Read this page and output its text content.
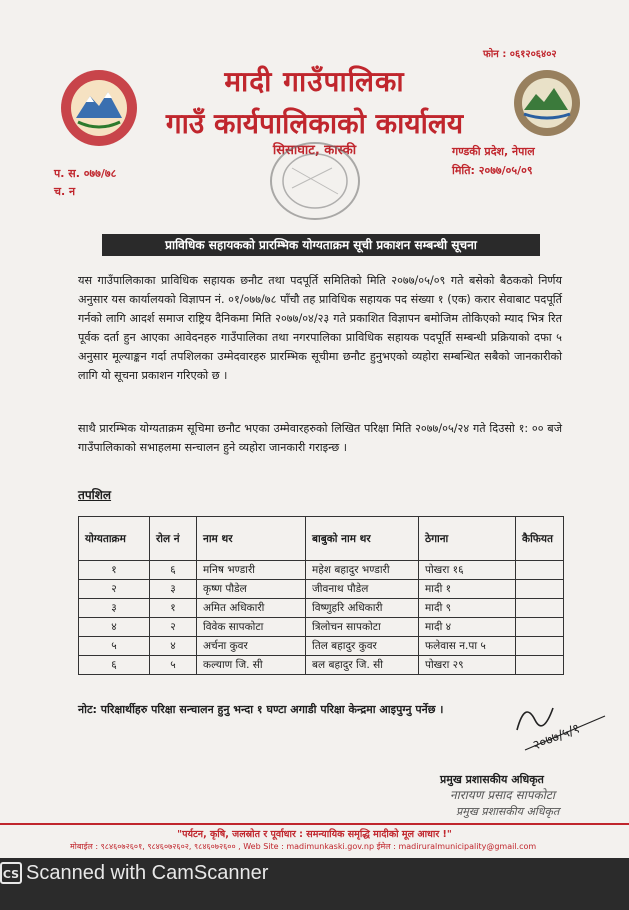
फोन : ०६१२०६४०२
मादी गाउँपालिका
गाउँ कार्यपालिकाको कार्यालय
सिसाघाट, कास्की	गण्डकी प्रदेश, नेपाल
मिति: २०७७/०५/०९
प. स. ०७७/७८
च. न
प्राविधिक सहायकको प्रारम्भिक योग्यताक्रम सूची प्रकाशन सम्बन्धी सूचना
यस गाउँपालिकाका प्राविधिक सहायक छनौट तथा पदपूर्ति समितिको मिति २०७७/०५/०९ गते बसेको बैठकको निर्णय अनुसार यस कार्यालयको विज्ञापन नं. ०१/०७७/७८ पाँचौ तह प्राविधिक सहायक पद संख्या १ (एक) करार सेवाबाट पदपूर्ति गर्नको लागि आदर्श समाज राष्ट्रिय दैनिकमा मिति २०७७/०४/२३ गते प्रकाशित विज्ञापन बमोजिम तोकिएको म्याद भित्र रित पूर्वक दर्ता हुन आएका आवेदनहरु गाउँपालिका तथा नगरपालिका प्राविधिक सहायक पदपूर्ति सम्बन्धी प्रक्रियाको दफा ५ अनुसार मूल्याङ्कन गर्दा तपशिलका उम्मेदवारहरु प्रारम्भिक सूचीमा छनौट हुनुभएको व्यहोरा सम्बन्धित सबैको जानकारीको लागि यो सूचना प्रकाशन गरिएको छ ।
साथै प्रारम्भिक योग्यताक्रम सूचिमा छनौट भएका उम्मेवारहरुको लिखित परिक्षा मिति २०७७/०५/२४ गते दिउसो १: ०० बजे गाउँपालिकाको सभाहलमा सन्चालन हुने व्यहोरा जानकारी गराइन्छ ।
तपशिल
योग्यताक्रम	रोल नं	नाम थर	बाबुको नाम थर	ठेगाना	कैफियत
१	६	मनिष भण्डारी	महेश बहादुर भण्डारी	पोखरा १६	
२	३	कृष्ण पौडेल	जीवनाथ पौडेल	मादी १	
३	१	अमित अधिकारी	विष्णुहरि अधिकारी	मादी ९	
४	२	विवेक सापकोटा	त्रिलोचन सापकोटा	मादी ४	
५	४	अर्चना कुवर	तिल बहादुर कुवर	फलेवास न.पा ५	
६	५	कल्याण जि. सी	बल बहादुर जि. सी	पोखरा २९	
नोट: परिक्षार्थीहरु परिक्षा सन्चालन हुनु भन्दा १ घण्टा अगाडी परिक्षा केन्द्रमा आइपुग्नु पर्नेछ ।
२०७७/५/१
प्रमुख प्रशासकीय अधिकृत
नारायण प्रसाद सापकोटा
प्रमुख प्रशासकीय अधिकृत
"पर्यटन, कृषि, जलस्रोत र पूर्वाधार : समन्यायिक समृद्धि मादीको मूल आधार !"
मोबाईल : ९८४६०७२६०१, ९८४६०७२६०२, ९८४६०७२६०० , Web Site : madimunkaski.gov.np ईमेल : madiruralmunicipality@gmail.com
CS Scanned with CamScanner
